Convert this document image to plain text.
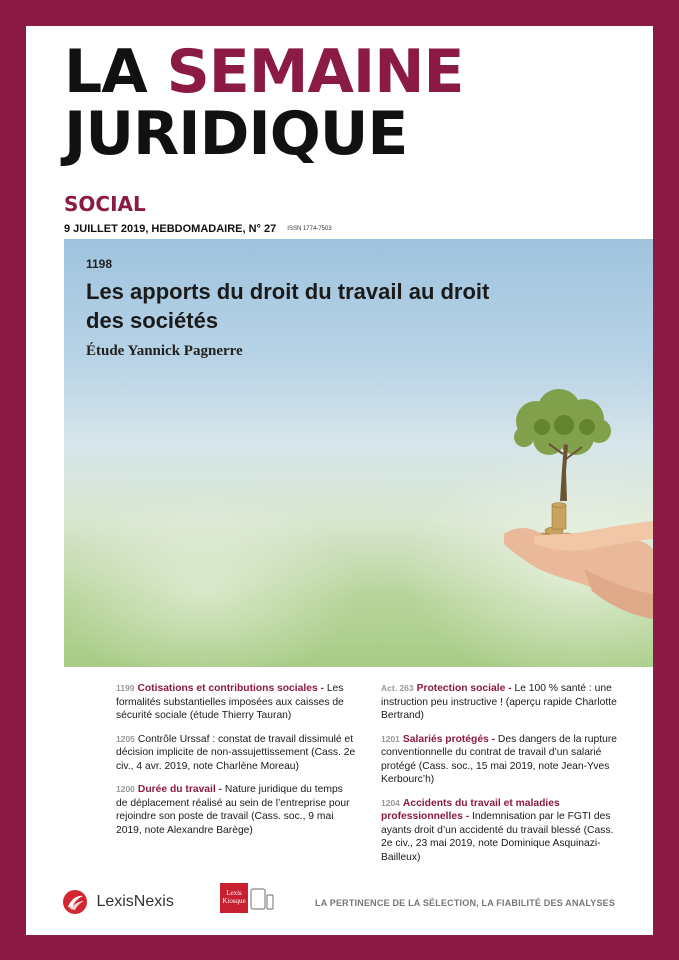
LA SEMAINE
JURIDIQUE
SOCIAL
9 JUILLET 2019, HEBDOMADAIRE, N° 27 ISSN 1774-7503
1198
Les apports du droit du travail au droit des sociétés
Étude Yannick Pagnerre
1199 Cotisations et contributions sociales - Les formalités substantielles imposées aux caisses de sécurité sociale (étude Thierry Tauran)
1205 Contrôle Urssaf : constat de travail dissimulé et décision implicite de non-assujettissement (Cass. 2e civ., 4 avr. 2019, note Charlène Moreau)
1200 Durée du travail - Nature juridique du temps de déplacement réalisé au sein de l’entreprise pour rejoindre son poste de travail (Cass. soc., 9 mai 2019, note Alexandre Barège)
Act. 263 Protection sociale - Le 100 % santé : une instruction peu instructive ! (aperçu rapide Charlotte Bertrand)
1201 Salariés protégés - Des dangers de la rupture conventionnelle du contrat de travail d’un salarié protégé (Cass. soc., 15 mai 2019, note Jean-Yves Kerbourc’h)
1204 Accidents du travail et maladies professionnelles - Indemnisation par le FGTI des ayants droit d’un accidenté du travail blessé (Cass. 2e civ., 23 mai 2019, note Dominique Asquinazi-Bailleux)
LexisNexis	Lexis
Kiosque	LA PERTINENCE DE LA SÉLECTION, LA FIABILITÉ DES ANALYSES
